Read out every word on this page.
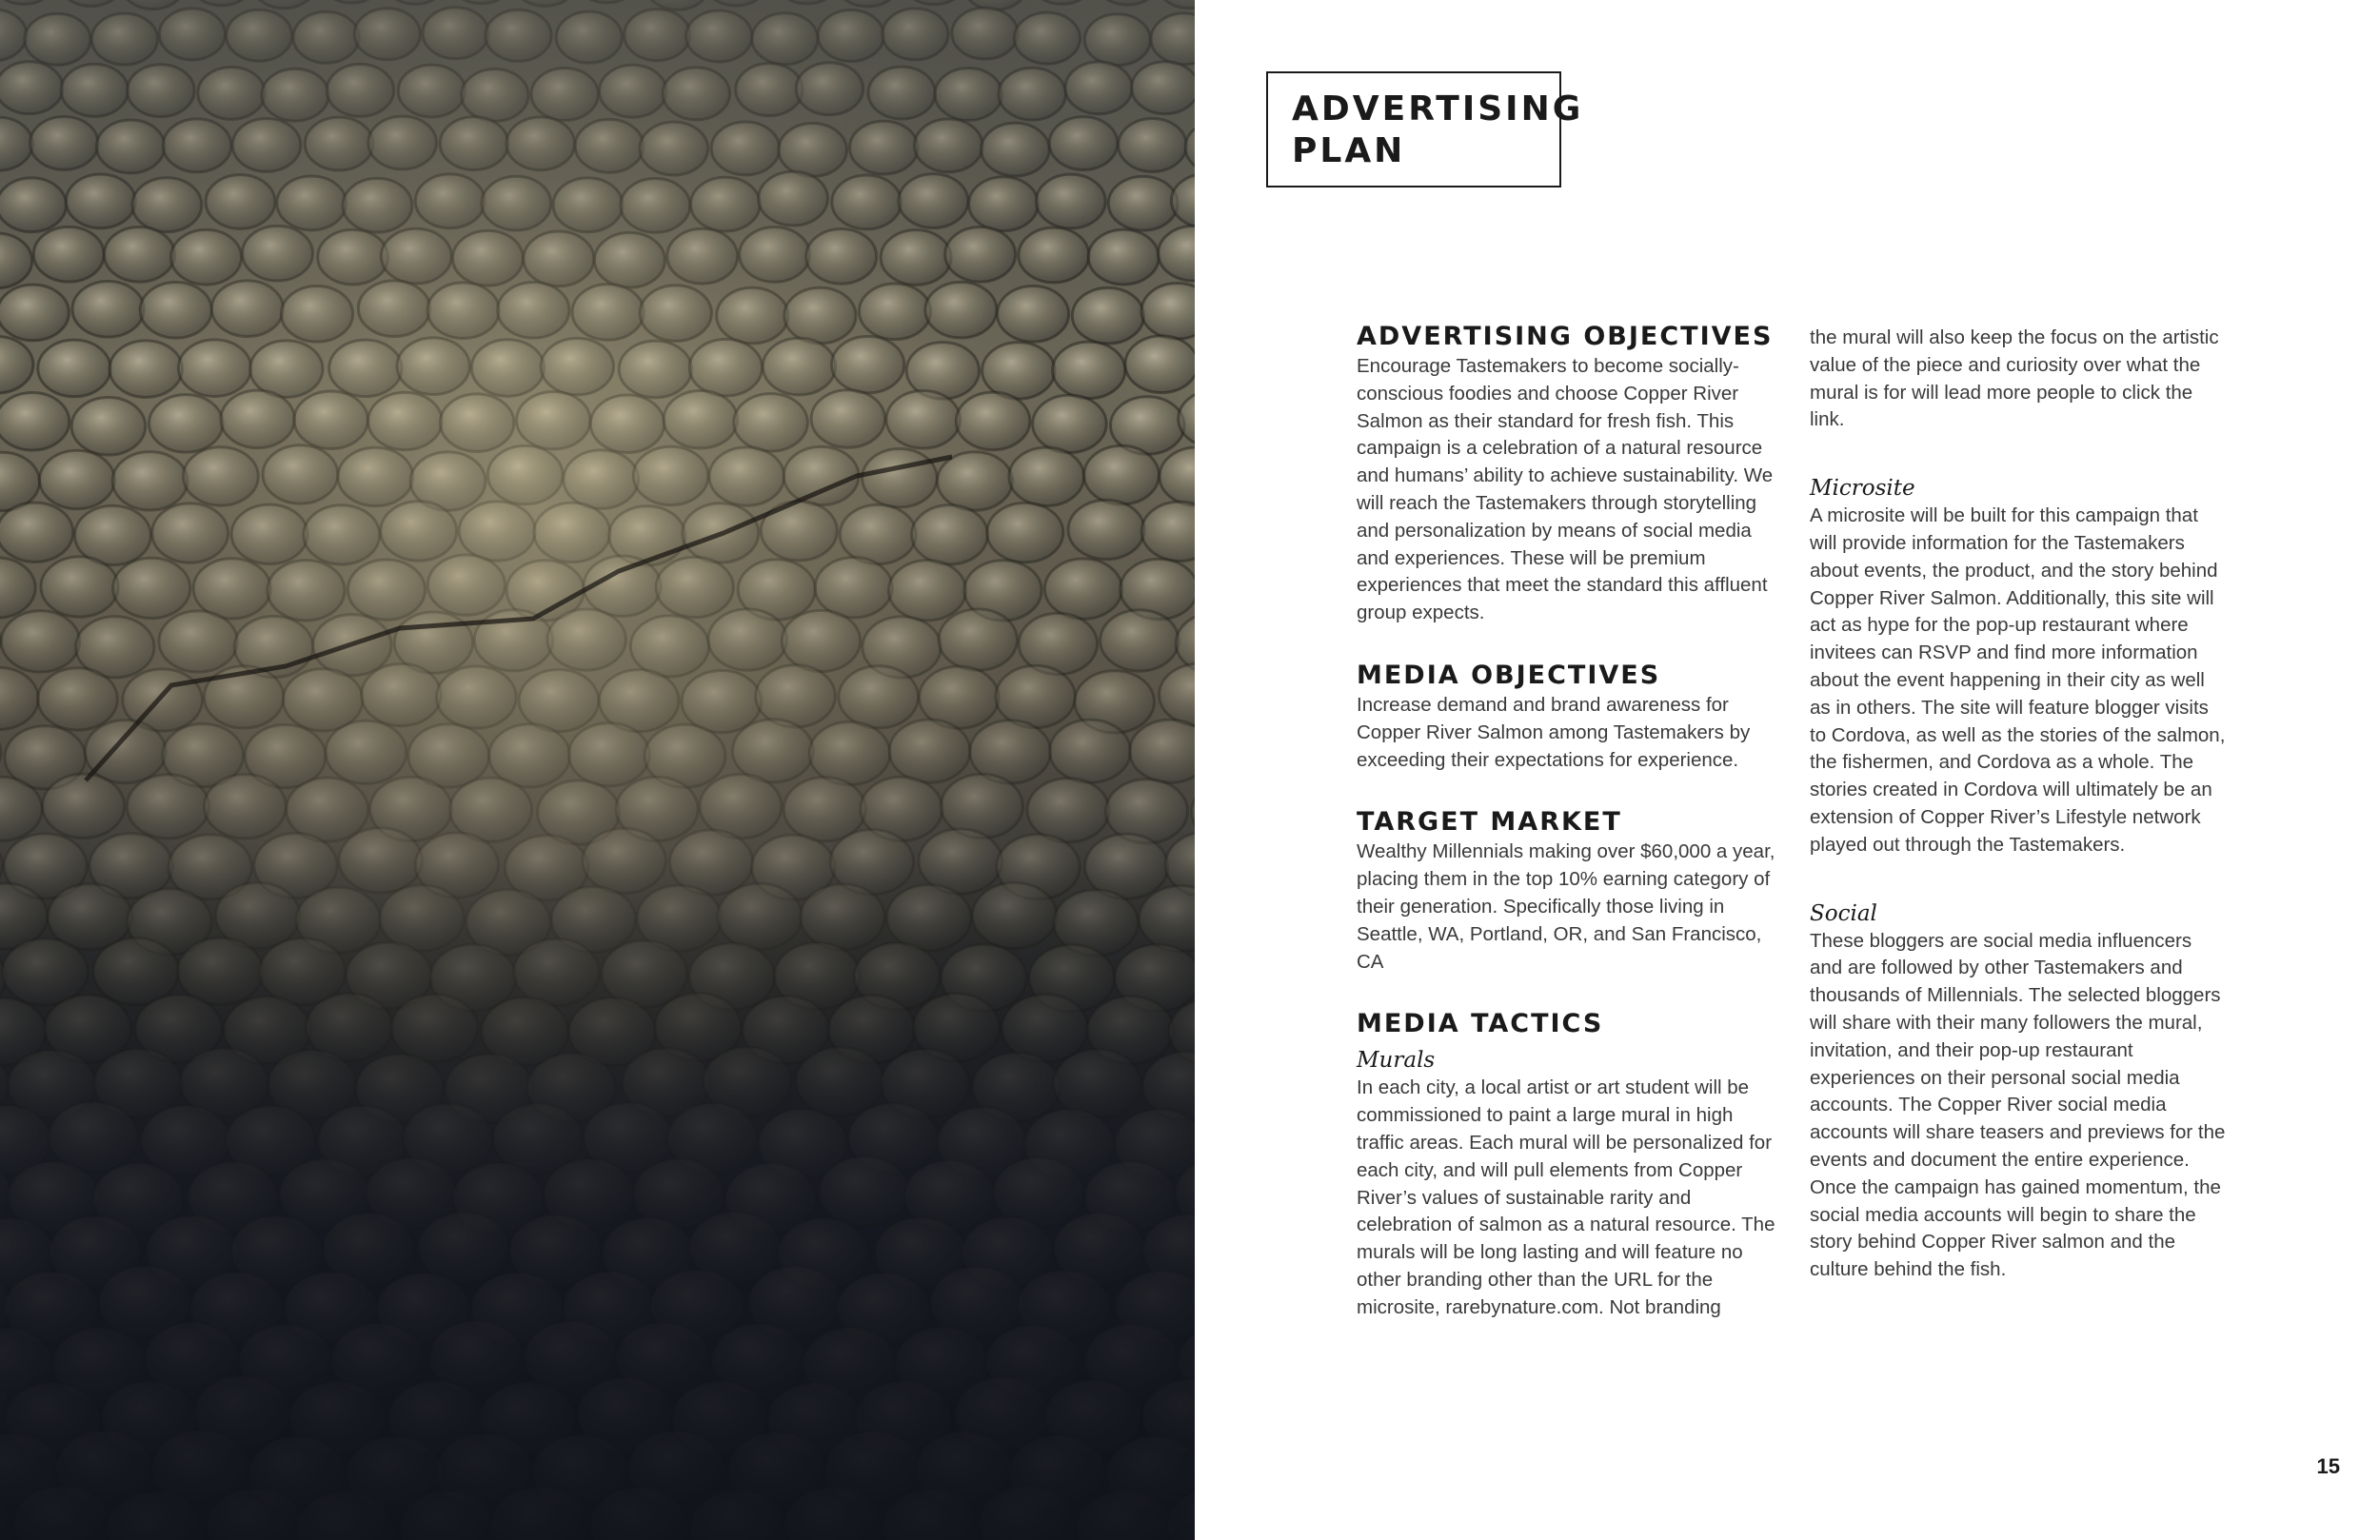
ADVERTISING
PLAN
ADVERTISING OBJECTIVES

Encourage Tastemakers to become socially-conscious foodies and choose Copper River Salmon as their standard for fresh fish. This campaign is a celebration of a natural resource and humans’ ability to achieve sustainability. We will reach the Tastemakers through storytelling and personalization by means of social media and experiences. These will be premium experiences that meet the standard this affluent group expects.

MEDIA OBJECTIVES

Increase demand and brand awareness for Copper River Salmon among Tastemakers by exceeding their expectations for experience.

TARGET MARKET

Wealthy Millennials making over $60,000 a year, placing them in the top 10% earning category of their generation. Specifically those living in Seattle, WA, Portland, OR, and San Francisco, CA

MEDIA TACTICS

Murals

In each city, a local artist or art student will be commissioned to paint a large mural in high traffic areas. Each mural will be personalized for each city, and will pull elements from Copper River’s values of sustainable rarity and celebration of salmon as a natural resource. The murals will be long lasting and will feature no other branding other than the URL for the microsite, rarebynature.com. Not branding

the mural will also keep the focus on the artistic value of the piece and curiosity over what the mural is for will lead more people to click the link.

Microsite

A microsite will be built for this campaign that will provide information for the Tastemakers about events, the product, and the story behind Copper River Salmon. Additionally, this site will act as hype for the pop-up restaurant where invitees can RSVP and find more information about the event happening in their city as well as in others. The site will feature blogger visits to Cordova, as well as the stories of the salmon, the fishermen, and Cordova as a whole. The stories created in Cordova will ultimately be an extension of Copper River’s Lifestyle network played out through the Tastemakers.

Social

These bloggers are social media influencers and are followed by other Tastemakers and thousands of Millennials. The selected bloggers will share with their many followers the mural, invitation, and their pop-up restaurant experiences on their personal social media accounts. The Copper River social media accounts will share teasers and previews for the events and document the entire experience. Once the campaign has gained momentum, the social media accounts will begin to share the story behind Copper River salmon and the culture behind the fish.

15
